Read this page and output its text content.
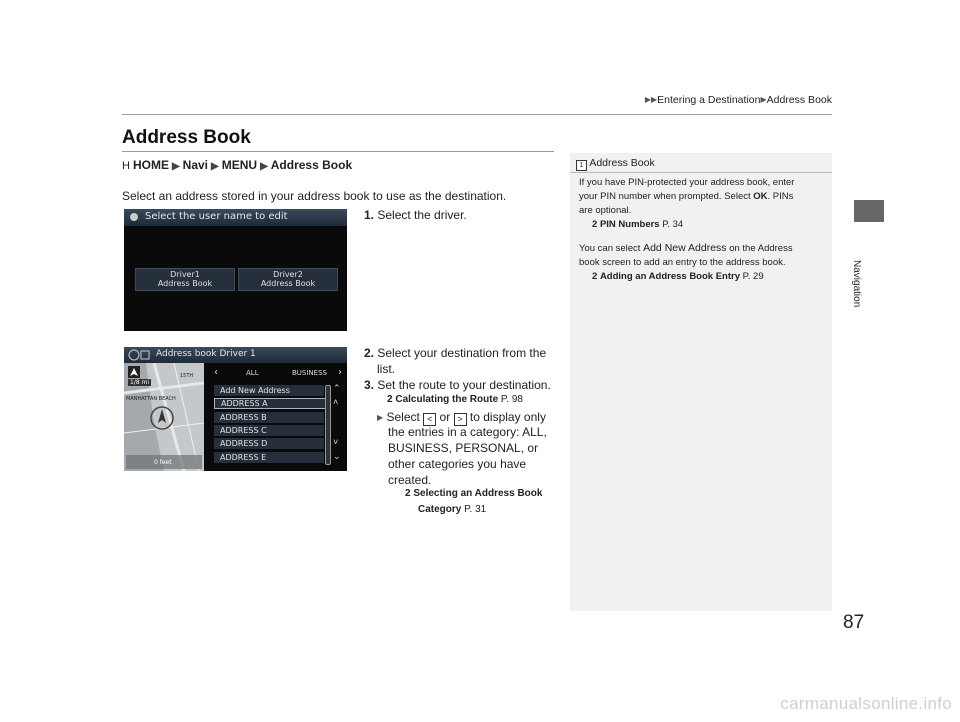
▶▶Entering a Destination▶Address Book
Address Book
Navigation
H HOME ▶ Navi ▶ MENU ▶ Address Book
Select an address stored in your address book to use as the destination.
Select the user name to edit
Driver1
Address Book
Driver2
Address Book
1. Select the driver.
2. Select your destination from the
list.
3. Set the route to your destination.
2 Calculating the Route P. 98
▶ Select < or > to display only
the entries in a category: ALL,
BUSINESS, PERSONAL, or
other categories you have
created.
2 Selecting an Address Book
Category P. 31
Address book Driver 1
1/8 mi
MANHATTAN BEACH
15TH
0 feet
‹	ALL	BUSINESS ›
Add New Address
ADDRESS A
ADDRESS B
ADDRESS C
ADDRESS D
ADDRESS E
⌃
˄
˅
⌄
1 Address Book
If you have PIN-protected your address book, enter
your PIN number when prompted. Select OK. PINs
are optional.
2 PIN Numbers P. 34
You can select Add New Address on the Address
book screen to add an entry to the address book.
2 Adding an Address Book Entry P. 29
87
carmanualsonline.info
